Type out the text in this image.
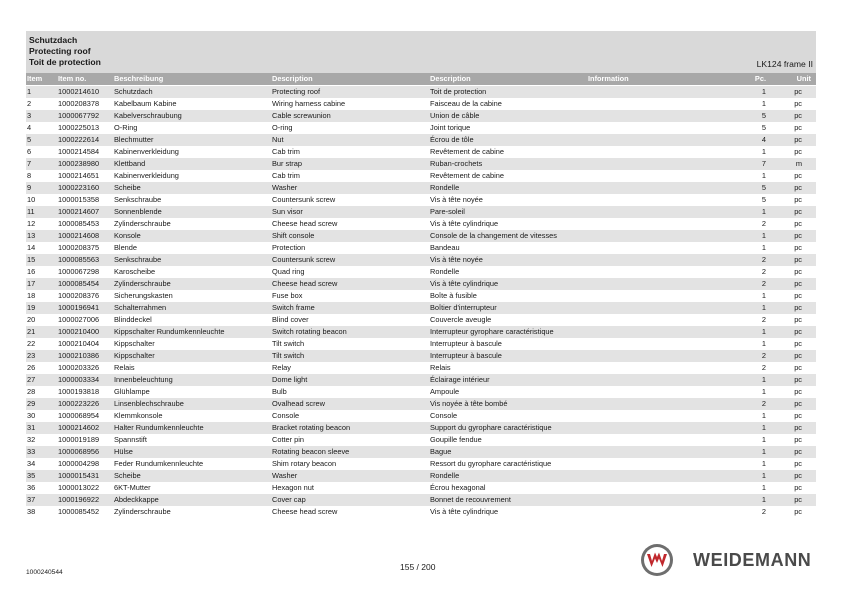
Schutzdach
Protecting roof
Toit de protection	LK124 frame II
Item Item no.	Beschreibung	Description	Description	Information	Pc.	Unit
1	1000214610 Schutzdach	Protecting roof	Toit de protection	1	pc
2	1000208378 Kabelbaum Kabine	Wiring harness cabine	Faisceau de la cabine	1	pc
3	1000067792 Kabelverschraubung	Cable screwunion	Union de câble	5	pc
4	1000225013 O-Ring	O-ring	Joint torique	5	pc
5	1000222614 Blechmutter	Nut	Écrou de tôle	4	pc
6	1000214584 Kabinenverkleidung	Cab trim	Revêtement de cabine	1	pc
7	1000238980 Klettband	Bur strap	Ruban-crochets	7	m
8	1000214651 Kabinenverkleidung	Cab trim	Revêtement de cabine	1	pc
9	1000223160 Scheibe	Washer	Rondelle	5	pc
10	1000015358 Senkschraube	Countersunk screw	Vis à tête noyée	5	pc
11	1000214607 Sonnenblende	Sun visor	Pare-soleil	1	pc
12	1000085453 Zylinderschraube	Cheese head screw	Vis à tête cylindrique	2	pc
13	1000214608 Konsole	Shift console	Console de la changement de vitesses	1	pc
14	1000208375 Blende	Protection	Bandeau	1	pc
15	1000085563 Senkschraube	Countersunk screw	Vis à tête noyée	2	pc
16	1000067298 Karoscheibe	Quad ring	Rondelle	2	pc
17	1000085454 Zylinderschraube	Cheese head screw	Vis à tête cylindrique	2	pc
18	1000208376 Sicherungskasten	Fuse box	Boîte à fusible	1	pc
19	1000196941 Schalterrahmen	Switch frame	Boîtier d'interrupteur	1	pc
20	1000027006 Blinddeckel	Blind cover	Couvercle aveugle	2	pc
21	1000210400 Kippschalter Rundumkennleuchte	Switch rotating beacon	Interrupteur gyrophare caractéristique	1	pc
22	1000210404 Kippschalter	Tilt switch	Interrupteur à bascule	1	pc
23	1000210386 Kippschalter	Tilt switch	Interrupteur à bascule	2	pc
26	1000203326 Relais	Relay	Relais	2	pc
27	1000003334 Innenbeleuchtung	Dome light	Éclairage intérieur	1	pc
28	1000193818 Glühlampe	Bulb	Ampoule	1	pc
29	1000223226 Linsenblechschraube	Ovalhead screw	Vis noyée à tête bombé	2	pc
30	1000068954 Klemmkonsole	Console	Console	1	pc
31	1000214602 Halter Rundumkennleuchte	Bracket rotating beacon	Support du gyrophare caractéristique	1	pc
32	1000019189 Spannstift	Cotter pin	Goupille fendue	1	pc
33	1000068956 Hülse	Rotating beacon sleeve	Bague	1	pc
34	1000004298 Feder Rundumkennleuchte	Shim rotary beacon	Ressort du gyrophare caractéristique	1	pc
35	1000015431 Scheibe	Washer	Rondelle	1	pc
36	1000013022 6KT-Mutter	Hexagon nut	Écrou hexagonal	1	pc
37	1000196922 Abdeckkappe	Cover cap	Bonnet de recouvrement	1	pc
38	1000085452 Zylinderschraube	Cheese head screw	Vis à tête cylindrique	2	pc
1000240544
155 / 200	WEIDEMANN
